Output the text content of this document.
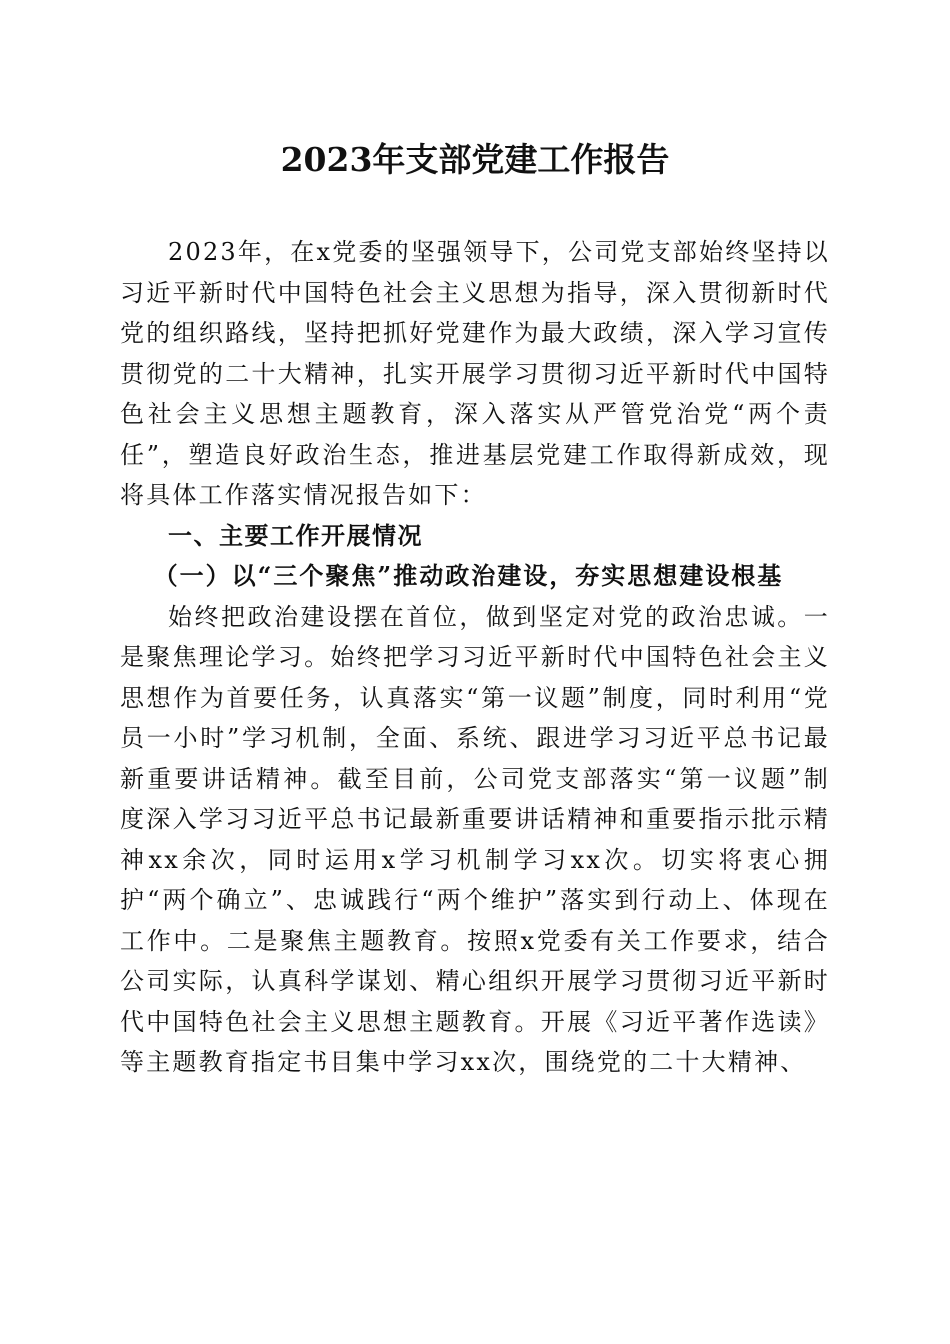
2023年支部党建工作报告

2023年，在x党委的坚强领导下，公司党支部始终坚持以习近平新时代中国特色社会主义思想为指导，深入贯彻新时代党的组织路线，坚持把抓好党建作为最大政绩，深入学习宣传贯彻党的二十大精神，扎实开展学习贯彻习近平新时代中国特色社会主义思想主题教育，深入落实从严管党治党“两个责任”，塑造良好政治生态，推进基层党建工作取得新成效，现将具体工作落实情况报告如下：

一、主要工作开展情况

（一）以“三个聚焦”推动政治建设，夯实思想建设根基

始终把政治建设摆在首位，做到坚定对党的政治忠诚。一是聚焦理论学习。始终把学习习近平新时代中国特色社会主义思想作为首要任务，认真落实“第一议题”制度，同时利用“党员一小时”学习机制，全面、系统、跟进学习习近平总书记最新重要讲话精神。截至目前，公司党支部落实“第一议题”制度深入学习习近平总书记最新重要讲话精神和重要指示批示精神xx余次，同时运用x学习机制学习xx次。切实将衷心拥护“两个确立”、忠诚践行“两个维护”落实到行动上、体现在工作中。二是聚焦主题教育。按照x党委有关工作要求，结合公司实际，认真科学谋划、精心组织开展学习贯彻习近平新时代中国特色社会主义思想主题教育。开展《习近平著作选读》等主题教育指定书目集中学习xx次，围绕党的二十大精神、
